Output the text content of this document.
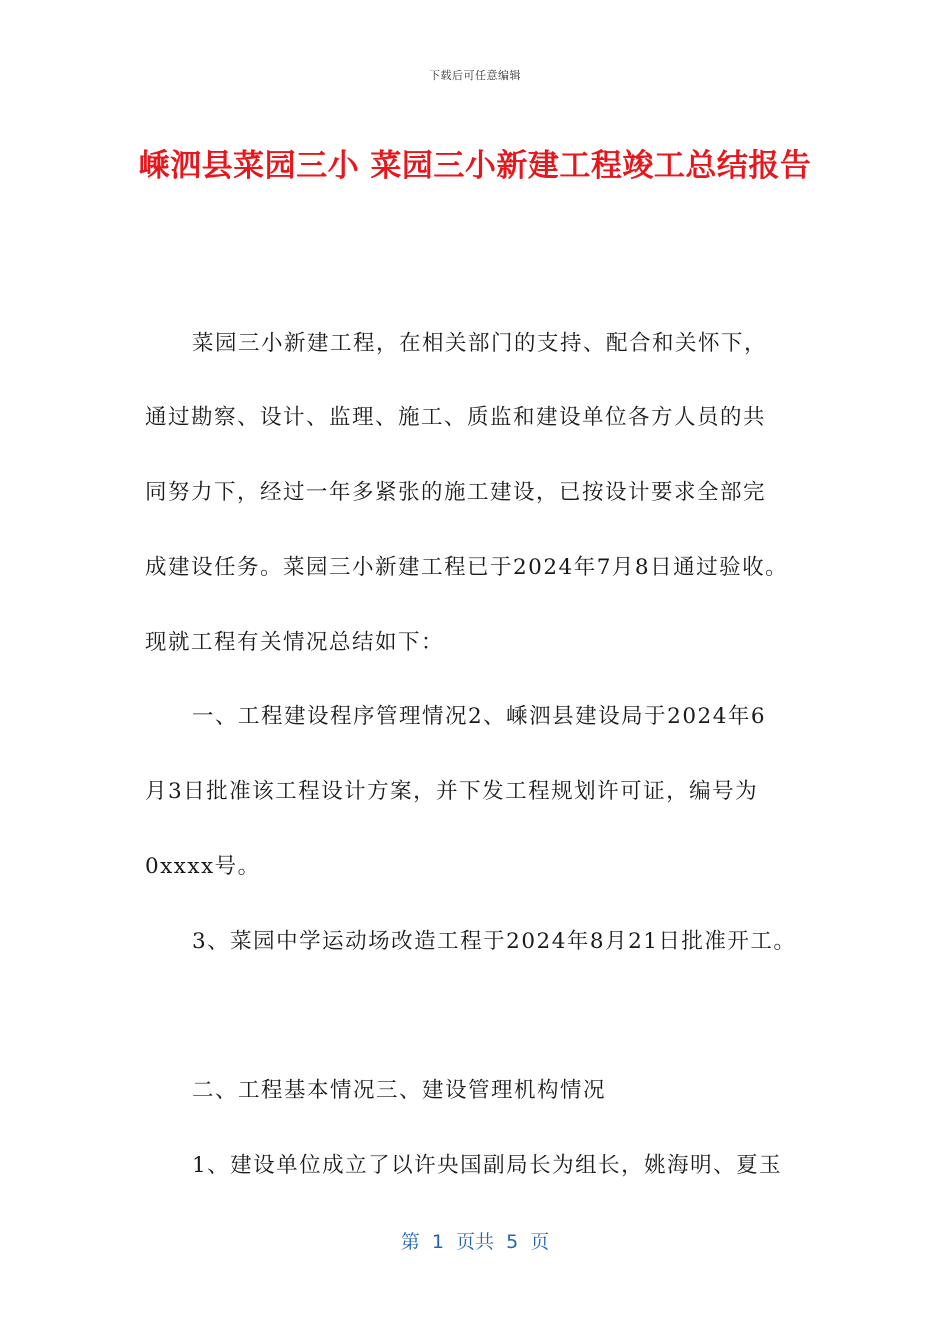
下载后可任意编辑
嵊泗县菜园三小 菜园三小新建工程竣工总结报告

菜园三小新建工程，在相关部门的支持、配合和关怀下，

通过勘察、设计、监理、施工、质监和建设单位各方人员的共

同努力下，经过一年多紧张的施工建设，已按设计要求全部完

成建设任务。菜园三小新建工程已于2024年7月8日通过验收。

现就工程有关情况总结如下：

一、工程建设程序管理情况2、嵊泗县建设局于2024年6

月3日批准该工程设计方案，并下发工程规划许可证，编号为

0xxxx号。

3、菜园中学运动场改造工程于2024年8月21日批准开工。

二、工程基本情况三、建设管理机构情况

1、建设单位成立了以许央国副局长为组长，姚海明、夏玉

第  1  页共  5  页
